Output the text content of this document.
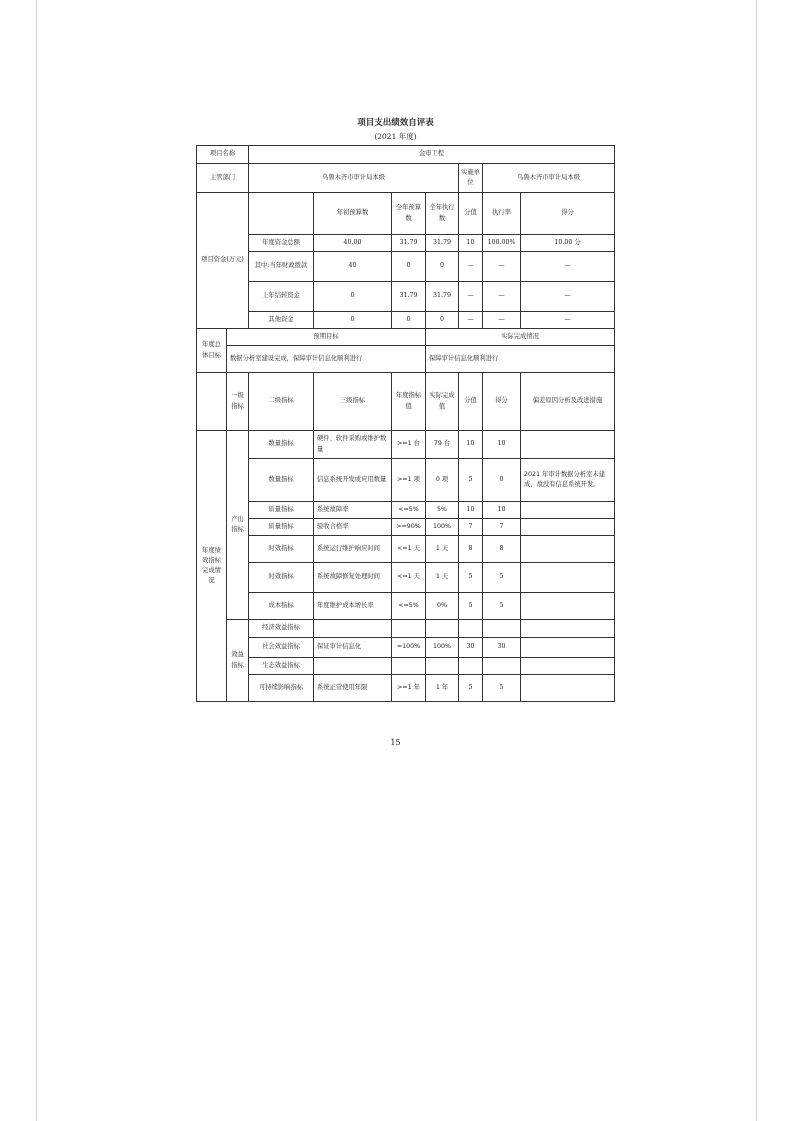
项目支出绩效自评表
(2021 年度)
项目名称		金审工程						
主管部门		乌鲁木齐市审计局本级				实施单位	乌鲁木齐市审计局本级	
项目资金(万元)			年初预算数	全年预算数	全年执行数	分值	执行率	得分
		年度资金总额	40.00	31.79	31.79	10	100.00%	10.00 分
		其中:当年财政拨款	40	0	0	—	—	—
		上年结转资金	0	31.79	31.79	—	—	—
		其他资金	0	0	0	—	—	—
年度总体目标	预期目标				实际完成情况			
	数据分析室建设完成，保障审计信息化顺利进行				保障审计信息化顺利进行			
	一级指标	二级指标	三级指标	年度指标值	实际完成值	分值	得分	偏差原因分析及改进措施
年度绩效指标完成情况	产出指标	数量指标	硬件、软件采购或维护数量	>=1 台	79 台	10	10	
		数量指标	信息系统开发或应用数量	>=1 项	0 项	5	0	2021 年审计数据分析室未建成，故没有信息系统开发。
		质量指标	系统故障率	<=5%	5%	10	10	
		质量指标	验收合格率	>=90%	100%	7	7	
		时效指标	系统运行维护响应时间	<=1 天	1 天	8	8	
		时效指标	系统故障修复处理时间	<=1 天	1 天	5	5	
		成本指标	年度维护成本增长率	<=5%	0%	5	5	
	效益指标	经济效益指标						
		社会效益指标	保证审计信息化	=100%	100%	30	30	
		生态效益指标						
		可持续影响指标	系统正常使用年限	>=1 年	1 年	5	5	
15
